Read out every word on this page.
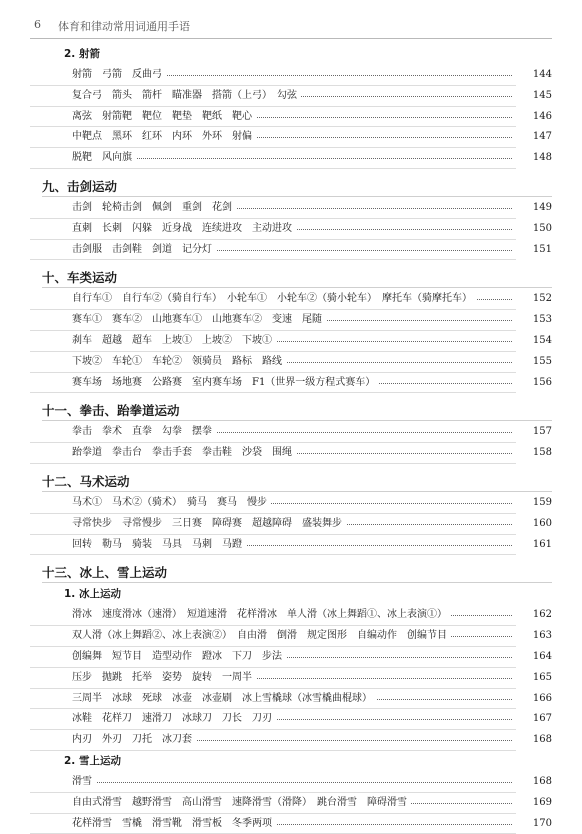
6 体育和律动常用词通用手语
2. 射箭
射箭　弓箭　反曲弓	144
复合弓　箭头　箭杆　瞄准器　搭箭（上弓）　勾弦	145
离弦　射箭靶　靶位　靶垫　靶纸　靶心	146
中靶点　黑环　红环　内环　外环　射偏	147
脱靶　风向旗	148
九、击剑运动
击剑　轮椅击剑　佩剑　重剑　花剑	149
直刺　长刺　闪躲　近身战　连续进攻　主动进攻	150
击剑服　击剑鞋　剑道　记分灯	151
十、车类运动
自行车①　自行车②（骑自行车）　小轮车①　小轮车②（骑小轮车）　摩托车（骑摩托车）	152
赛车①　赛车②　山地赛车①　山地赛车②　变速　尾随	153
刹车　超越　超车　上坡①　上坡②　下坡①	154
下坡②　车轮①　车轮②　领骑员　路标　路线	155
赛车场　场地赛　公路赛　室内赛车场　F1（世界一级方程式赛车）	156
十一、拳击、跆拳道运动
拳击　拳术　直拳　勾拳　摆拳	157
跆拳道　拳击台　拳击手套　拳击鞋　沙袋　围绳	158
十二、马术运动
马术①　马术②（骑术）　骑马　赛马　慢步	159
寻常快步　寻常慢步　三日赛　障碍赛　超越障碍　盛装舞步	160
回转　勒马　骑装　马具　马刺　马蹬	161
十三、冰上、雪上运动
1. 冰上运动
滑冰　速度滑冰（速滑）　短道速滑　花样滑冰　单人滑（冰上舞蹈①、冰上表演①）	162
双人滑（冰上舞蹈②、冰上表演②）　自由滑　倒滑　规定图形　自编动作　创编节目	163
创编舞　短节目　造型动作　蹬冰　下刀　步法	164
压步　抛跳　托举　姿势　旋转　一周半	165
三周半　冰球　死球　冰壶　冰壶刷　冰上雪橇球（冰雪橇曲棍球）	166
冰鞋　花样刀　速滑刀　冰球刀　刀长　刀刃	167
内刃　外刃　刀托　冰刀套	168
2. 雪上运动
滑雪	168
自由式滑雪　越野滑雪　高山滑雪　速降滑雪（滑降）　跳台滑雪　障碍滑雪	169
花样滑雪　雪橇　滑雪靴　滑雪板　冬季两项	170
